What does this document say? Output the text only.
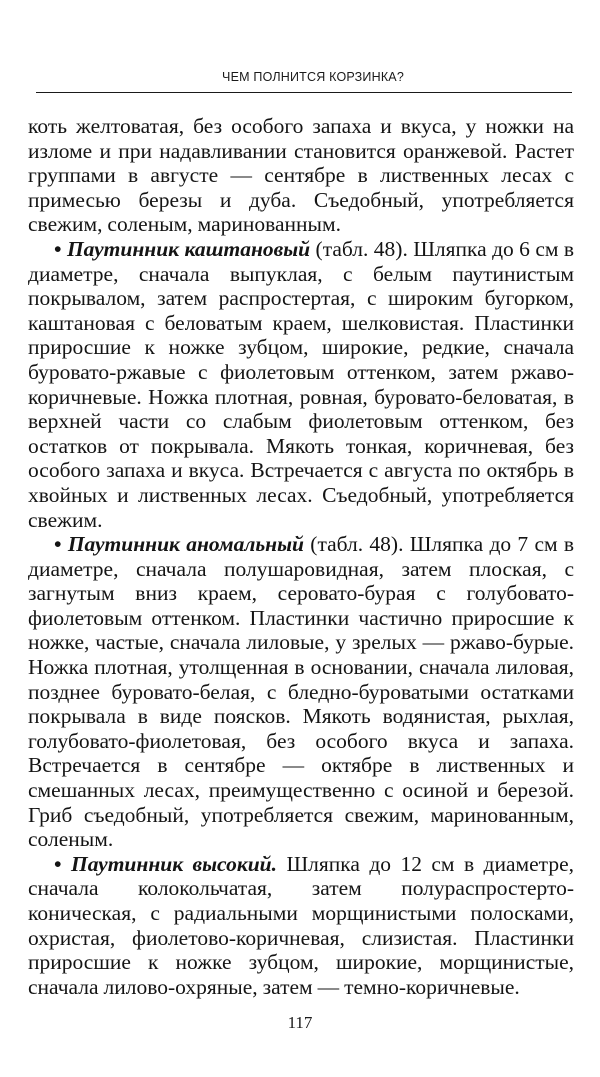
ЧЕМ ПОЛНИТСЯ КОРЗИНКА?

коть желтоватая, без особого запаха и вкуса, у ножки на изломе и при надавливании становится оранжевой. Растет группами в августе — сентябре в лиственных лесах с примесью березы и дуба. Съедобный, употребляется свежим, соленым, маринованным.

• Паутинник каштановый (табл. 48). Шляпка до 6 см в диаметре, сначала выпуклая, с белым паутинистым покрывалом, затем распростертая, с широким бугорком, каштановая с беловатым краем, шелковистая. Пластинки приросшие к ножке зубцом, широкие, редкие, сначала буровато-ржавые с фиолетовым оттенком, затем ржаво-коричневые. Ножка плотная, ровная, буровато-беловатая, в верхней части со слабым фиолетовым оттенком, без остатков от покрывала. Мякоть тонкая, коричневая, без особого запаха и вкуса. Встречается с августа по октябрь в хвойных и лиственных лесах. Съедобный, употребляется свежим.

• Паутинник аномальный (табл. 48). Шляпка до 7 см в диаметре, сначала полушаровидная, затем плоская, с загнутым вниз краем, серовато-бурая с голубовато-фиолетовым оттенком. Пластинки частично приросшие к ножке, частые, сначала лиловые, у зрелых — ржаво-бурые. Ножка плотная, утолщенная в основании, сначала лиловая, позднее буровато-белая, с бледно-буроватыми остатками покрывала в виде поясков. Мякоть водянистая, рыхлая, голубовато-фиолетовая, без особого вкуса и запаха. Встречается в сентябре — октябре в лиственных и смешанных лесах, преимущественно с осиной и березой. Гриб съедобный, употребляется свежим, маринованным, соленым.

• Паутинник высокий. Шляпка до 12 см в диаметре, сначала колокольчатая, затем полураспростерто-коническая, с радиальными морщинистыми полосками, охристая, фиолетово-коричневая, слизистая. Пластинки приросшие к ножке зубцом, широкие, морщинистые, сначала лилово-охряные, затем — темно-коричневые.

117
